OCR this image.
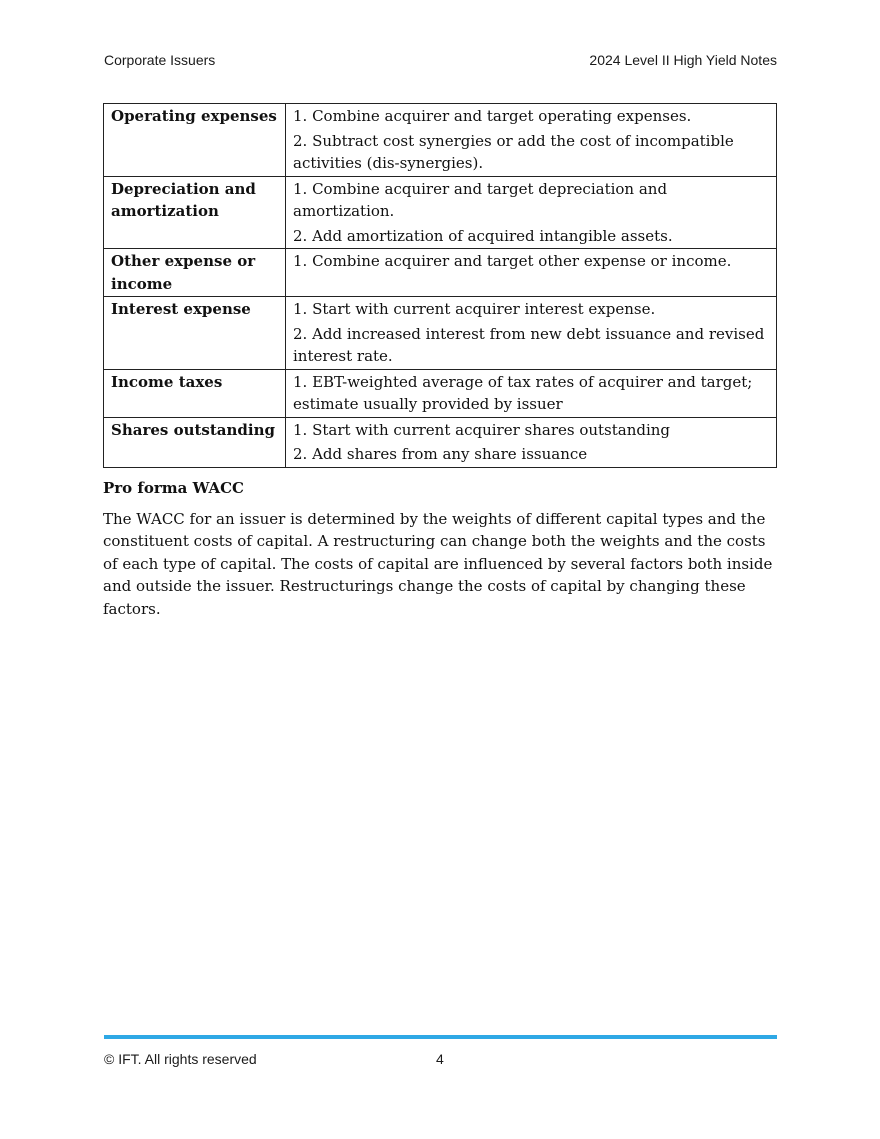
Corporate Issuers	2024 Level II High Yield Notes
Operating expenses	1. Combine acquirer and target operating expenses.
2. Subtract cost synergies or add the cost of incompatible activities (dis-synergies).

Depreciation and amortization	1. Combine acquirer and target depreciation and amortization.
2. Add amortization of acquired intangible assets.

Other expense or income	1. Combine acquirer and target other expense or income.

Interest expense	1. Start with current acquirer interest expense.
2. Add increased interest from new debt issuance and revised interest rate.

Income taxes	1. EBT-weighted average of tax rates of acquirer and target; estimate usually provided by issuer

Shares outstanding	1. Start with current acquirer shares outstanding
2. Add shares from any share issuance
Pro forma WACC
The WACC for an issuer is determined by the weights of different capital types and the constituent costs of capital. A restructuring can change both the weights and the costs of each type of capital. The costs of capital are influenced by several factors both inside and outside the issuer. Restructurings change the costs of capital by changing these factors.
© IFT. All rights reserved	4
